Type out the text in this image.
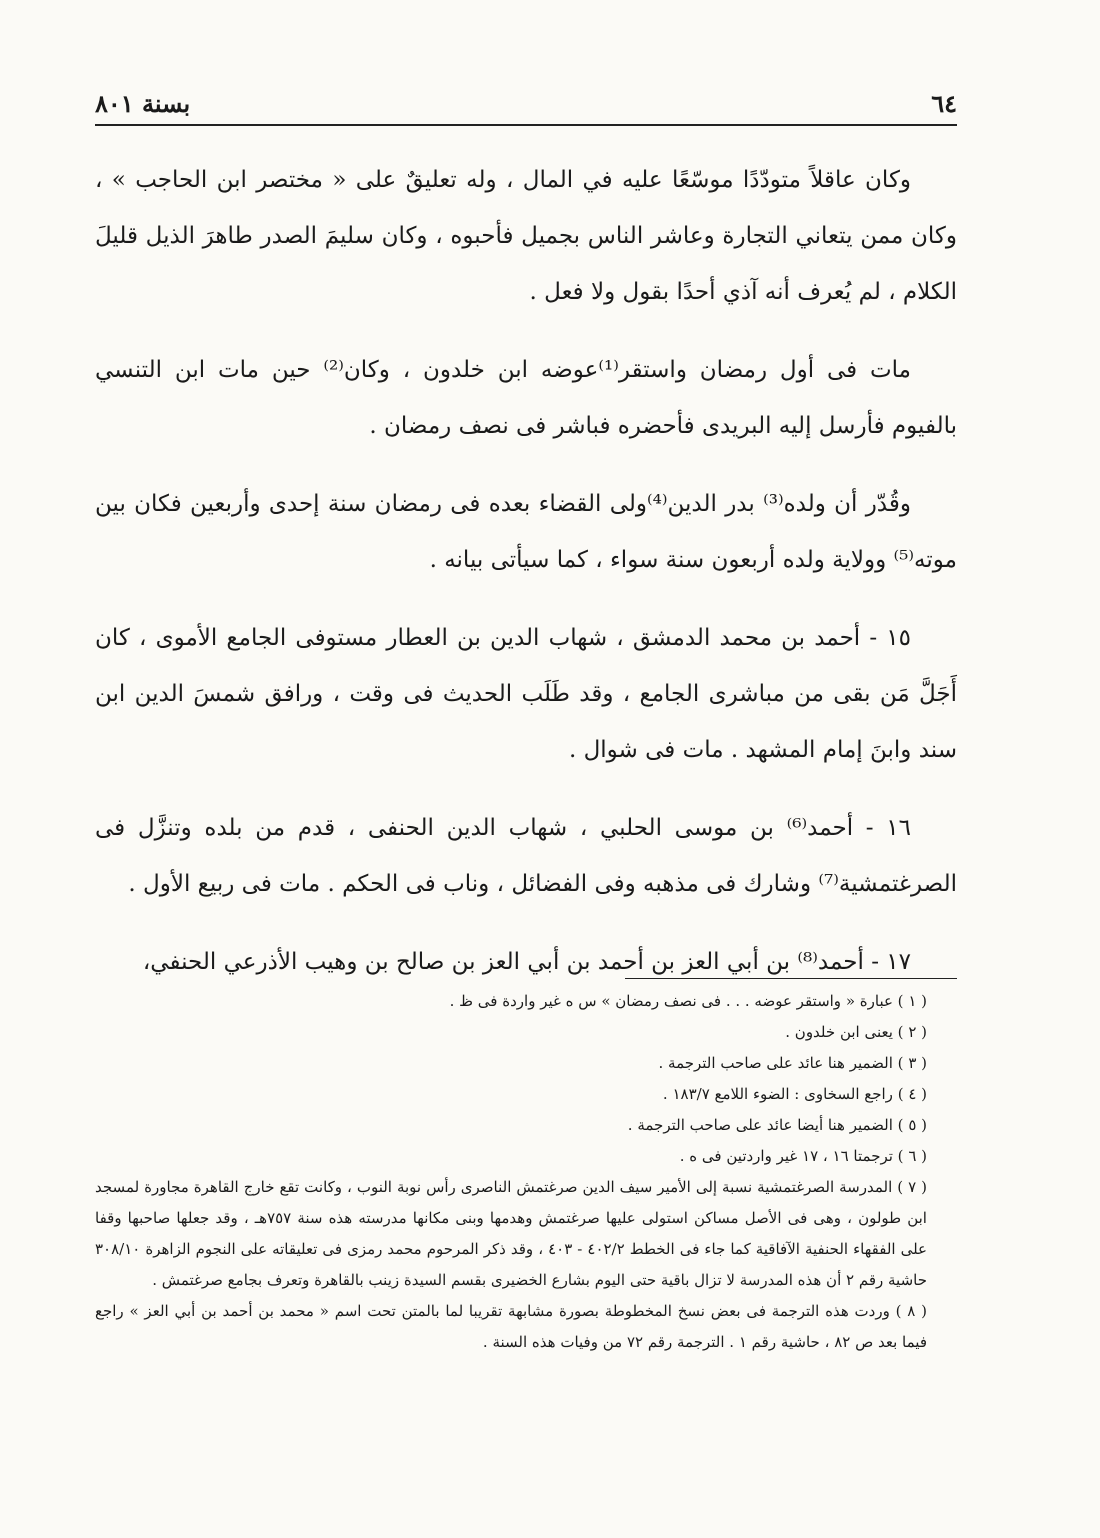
٦٤
بسنة ٨٠١

وكان عاقلاً متودّدًا موسّعًا عليه في المال ، وله تعليقٌ على « مختصر ابن الحاجب » ، وكان ممن يتعاني التجارة وعاشر الناس بجميل فأحبوه ، وكان سليمَ الصدر طاهرَ الذيل قليلَ الكلام ، لم يُعرف أنه آذي أحدًا بقول ولا فعل .

مات فى أول رمضان واستقر⁽¹⁾عوضه ابن خلدون ، وكان⁽²⁾ حين مات ابن التنسي بالفيوم فأرسل إليه البريدى فأحضره فباشر فى نصف رمضان .

وقُدّر أن ولده⁽³⁾ بدر الدين⁽⁴⁾ولى القضاء بعده فى رمضان سنة إحدى وأربعين فكان بين موته⁽⁵⁾ وولاية ولده أربعون سنة سواء ، كما سيأتى بيانه .

١٥ - أحمد بن محمد الدمشق ، شهاب الدين بن العطار مستوفى الجامع الأموى ، كان أَجَلَّ مَن بقى من مباشرى الجامع ، وقد طَلَب الحديث فى وقت ، ورافق شمسَ الدين ابن سند وابنَ إمام المشهد . مات فى شوال .

١٦ - أحمد⁽⁶⁾ بن موسى الحلبي ، شهاب الدين الحنفى ، قدم من بلده وتنزَّل فى الصرغتمشية⁽⁷⁾ وشارك فى مذهبه وفى الفضائل ، وناب فى الحكم . مات فى ربيع الأول .

١٧ - أحمد⁽⁸⁾ بن أبي العز بن أحمد بن أبي العز بن صالح بن وهيب الأذرعي الحنفي،

( ١ ) عبارة « واستقر عوضه . . . فى نصف رمضان » س ه غير واردة فى ظ .

( ٢ ) يعنى ابن خلدون .

( ٣ ) الضمير هنا عائد على صاحب الترجمة .

( ٤ ) راجع السخاوى : الضوء اللامع ١٨٣/٧ .

( ٥ ) الضمير هنا أيضا عائد على صاحب الترجمة .

( ٦ ) ترجمتا ١٦ ، ١٧ غير واردتين فى ه .

( ٧ ) المدرسة الصرغتمشية نسبة إلى الأمير سيف الدين صرغتمش الناصرى رأس نوبة النوب ، وكانت تقع خارج القاهرة مجاورة لمسجد ابن طولون ، وهى فى الأصل مساكن استولى عليها صرغتمش وهدمها وبنى مكانها مدرسته هذه سنة ٧٥٧هـ ، وقد جعلها صاحبها وقفا على الفقهاء الحنفية الآفاقية كما جاء فى الخطط ٤٠٢/٢ - ٤٠٣ ، وقد ذكر المرحوم محمد رمزى فى تعليقاته على النجوم الزاهرة ٣٠٨/١٠ حاشية رقم ٢ أن هذه المدرسة لا تزال باقية حتى اليوم بشارع الخضيرى بقسم السيدة زينب بالقاهرة وتعرف بجامع صرغتمش .

( ٨ ) وردت هذه الترجمة فى بعض نسخ المخطوطة بصورة مشابهة تقريبا لما بالمتن تحت اسم « محمد بن أحمد بن أبي العز » راجع فيما بعد ص ٨٢ ، حاشية رقم ١ . الترجمة رقم ٧٢ من وفيات هذه السنة .
